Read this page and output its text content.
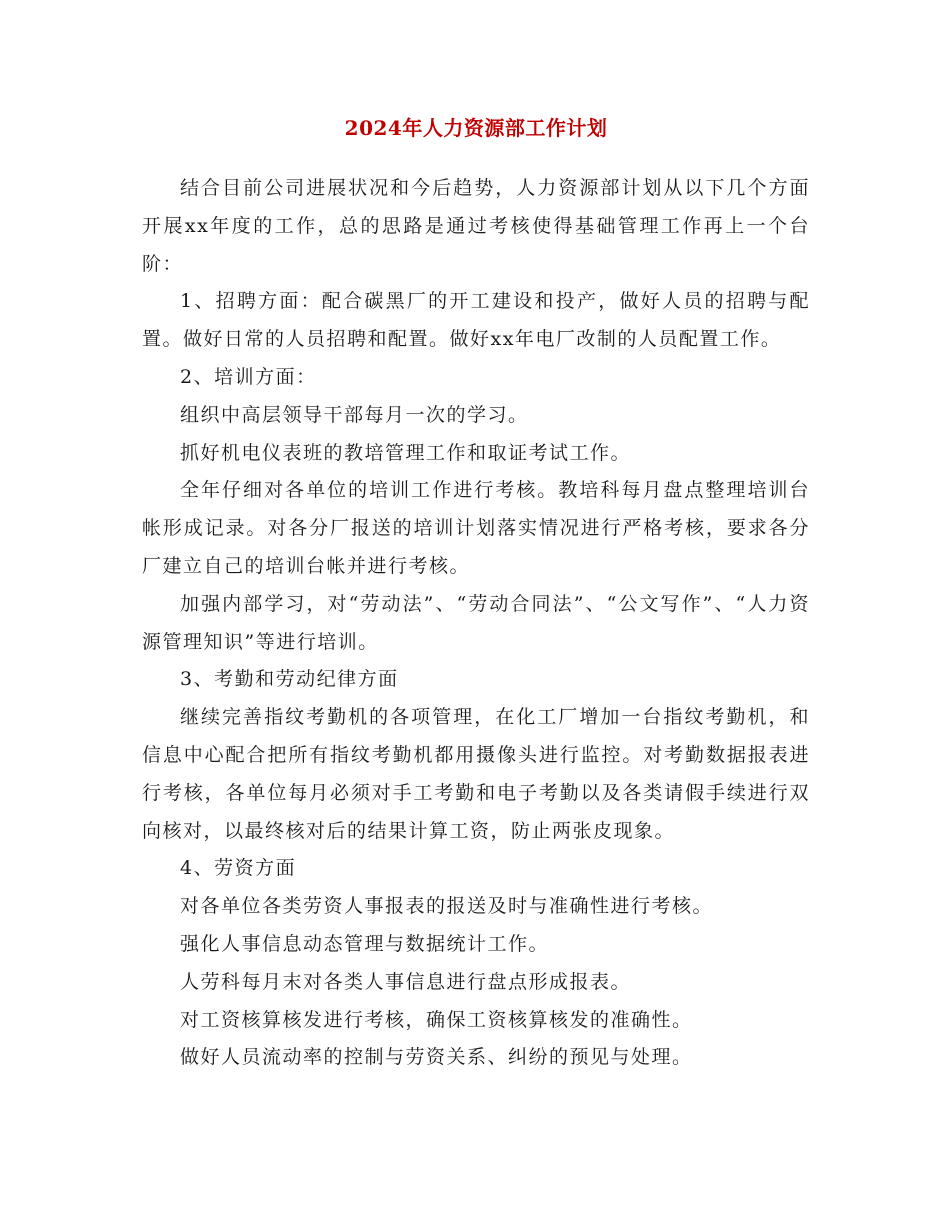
2024年人力资源部工作计划

结合目前公司进展状况和今后趋势，人力资源部计划从以下几个方面开展xx年度的工作，总的思路是通过考核使得基础管理工作再上一个台阶：

1、招聘方面：配合碳黑厂的开工建设和投产，做好人员的招聘与配置。做好日常的人员招聘和配置。做好xx年电厂改制的人员配置工作。

2、培训方面：

组织中高层领导干部每月一次的学习。

抓好机电仪表班的教培管理工作和取证考试工作。

全年仔细对各单位的培训工作进行考核。教培科每月盘点整理培训台帐形成记录。对各分厂报送的培训计划落实情况进行严格考核，要求各分厂建立自己的培训台帐并进行考核。

加强内部学习，对“劳动法”、“劳动合同法”、“公文写作”、“人力资源管理知识”等进行培训。

3、考勤和劳动纪律方面

继续完善指纹考勤机的各项管理，在化工厂增加一台指纹考勤机，和信息中心配合把所有指纹考勤机都用摄像头进行监控。对考勤数据报表进行考核，各单位每月必须对手工考勤和电子考勤以及各类请假手续进行双向核对，以最终核对后的结果计算工资，防止两张皮现象。

4、劳资方面

对各单位各类劳资人事报表的报送及时与准确性进行考核。

强化人事信息动态管理与数据统计工作。

人劳科每月末对各类人事信息进行盘点形成报表。

对工资核算核发进行考核，确保工资核算核发的准确性。

做好人员流动率的控制与劳资关系、纠纷的预见与处理。
